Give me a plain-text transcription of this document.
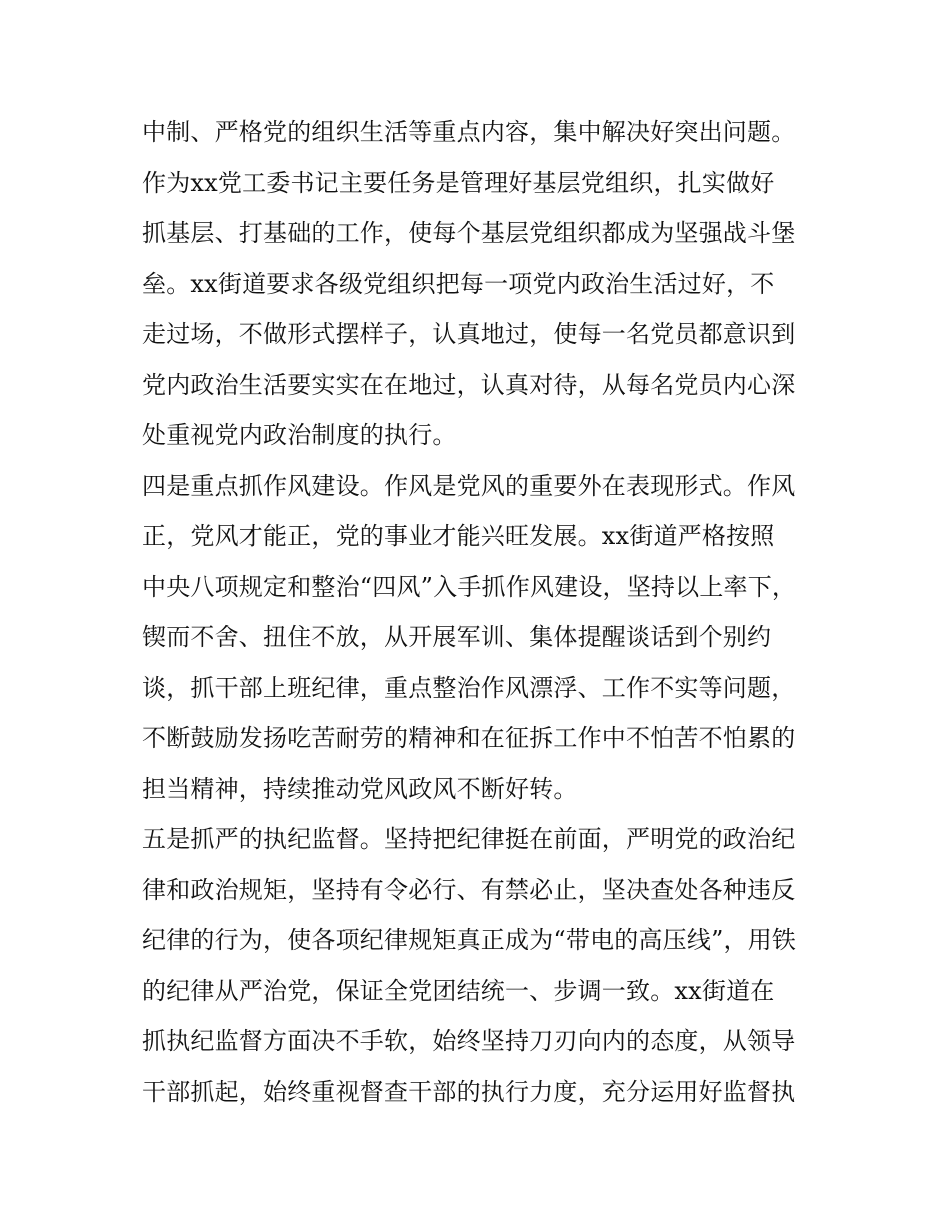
中制、严格党的组织生活等重点内容，集中解决好突出问题。
作为xx党工委书记主要任务是管理好基层党组织，扎实做好
抓基层、打基础的工作，使每个基层党组织都成为坚强战斗堡
垒。xx街道要求各级党组织把每一项党内政治生活过好，不
走过场，不做形式摆样子，认真地过，使每一名党员都意识到
党内政治生活要实实在在地过，认真对待，从每名党员内心深
处重视党内政治制度的执行。
四是重点抓作风建设。作风是党风的重要外在表现形式。作风
正，党风才能正，党的事业才能兴旺发展。xx街道严格按照
中央八项规定和整治“四风”入手抓作风建设，坚持以上率下，
锲而不舍、扭住不放，从开展军训、集体提醒谈话到个别约
谈，抓干部上班纪律，重点整治作风漂浮、工作不实等问题，
不断鼓励发扬吃苦耐劳的精神和在征拆工作中不怕苦不怕累的
担当精神，持续推动党风政风不断好转。
五是抓严的执纪监督。坚持把纪律挺在前面，严明党的政治纪
律和政治规矩，坚持有令必行、有禁必止，坚决查处各种违反
纪律的行为，使各项纪律规矩真正成为“带电的高压线”，用铁
的纪律从严治党，保证全党团结统一、步调一致。xx街道在
抓执纪监督方面决不手软，始终坚持刀刃向内的态度，从领导
干部抓起，始终重视督查干部的执行力度，充分运用好监督执
